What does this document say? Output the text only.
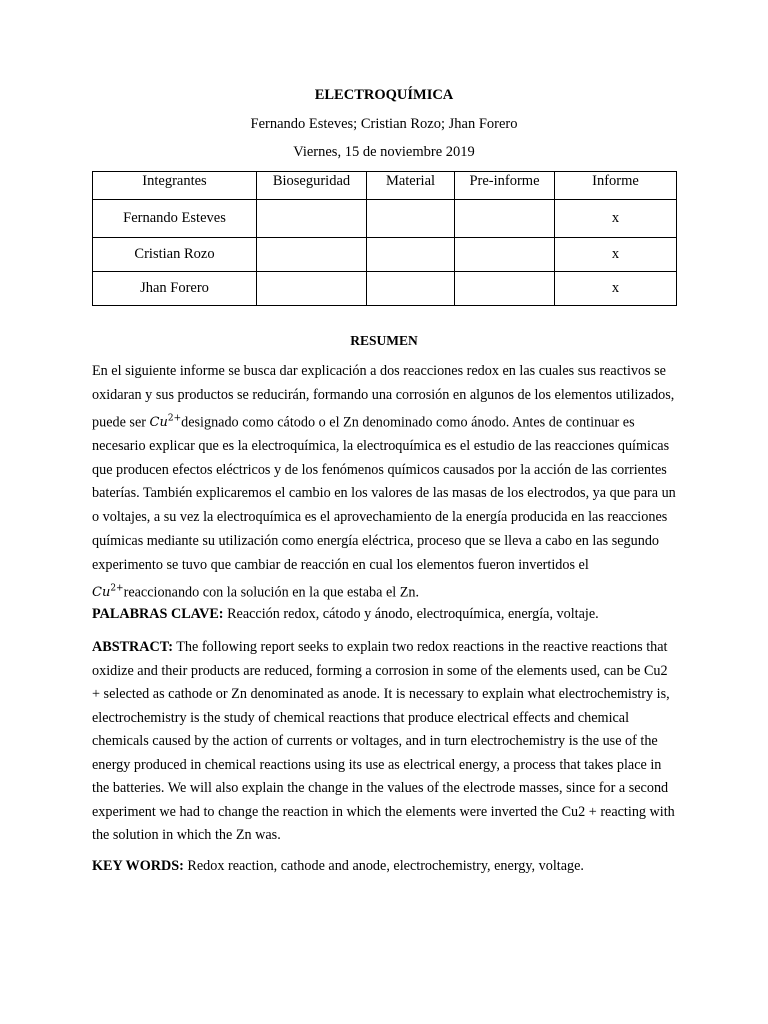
ELECTROQUÍMICA
Fernando Esteves; Cristian Rozo; Jhan Forero
Viernes, 15 de noviembre 2019
Integrantes	Bioseguridad	Material	Pre-informe	Informe
Fernando Esteves				x
Cristian Rozo				x
Jhan Forero				x
RESUMEN

En el siguiente informe se busca dar explicación a dos reacciones redox en las cuales sus reactivos se oxidaran y sus productos se reducirán, formando una corrosión en algunos de los elementos utilizados, puede ser $Cu^{2+}designado$ como cátodo o el Zn denominado como ánodo. Antes de continuar es necesario explicar que es la electroquímica, la electroquímica es el estudio de las reacciones químicas que producen efectos eléctricos y de los fenómenos químicos causados por la acción de las corrientes baterías. También explicaremos el cambio en los valores de las masas de los electrodos, ya que para un o voltajes, a su vez la electroquímica es el aprovechamiento de la energía producida en las reacciones químicas mediante su utilización como energía eléctrica, proceso que se lleva a cabo en las segundo experimento se tuvo que cambiar de reacción en cual los elementos fueron invertidos el $Cu^{2+}reaccionando$ con la solución en la que estaba el Zn.

PALABRAS CLAVE: Reacción redox, cátodo y ánodo, electroquímica, energía, voltaje.

ABSTRACT: The following report seeks to explain two redox reactions in the reactive reactions that oxidize and their products are reduced, forming a corrosion in some of the elements used, can be Cu2 + selected as cathode or Zn denominated as anode. It is necessary to explain what electrochemistry is, electrochemistry is the study of chemical reactions that produce electrical effects and chemical chemicals caused by the action of currents or voltages, and in turn electrochemistry is the use of the energy produced in chemical reactions using its use as electrical energy, a process that takes place in the batteries. We will also explain the change in the values of the electrode masses, since for a second experiment we had to change the reaction in which the elements were inverted the Cu2 + reacting with the solution in which the Zn was.

KEY WORDS: Redox reaction, cathode and anode, electrochemistry, energy, voltage.
